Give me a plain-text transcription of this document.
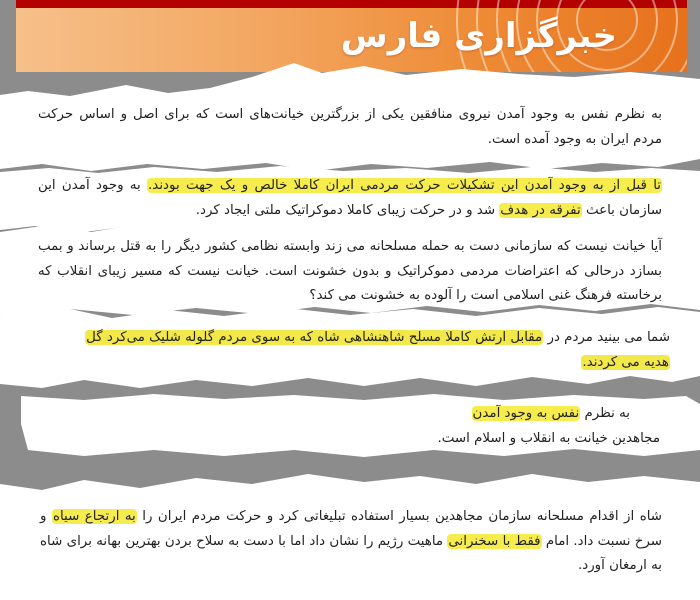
خبرگزاری فارس
به نظرم نفس به وجود آمدن نیروی منافقین یکی از بزرگترین خیانت‌های است که برای اصل و اساس حرکت مردم ایران به وجود آمده است.
تا قبل از به وجود آمدن این تشکیلات حرکت مردمی ایران کاملا خالص و یک جهت بودند. به وجود آمدن این سازمان باعث تفرقه در هدف شد و در حرکت زیبای کاملا دموکراتیک ملتی ایجاد کرد.
آیا خیانت نیست که سازمانی دست به حمله مسلحانه می زند وابسته نظامی کشور دیگر را به قتل برساند و بمب بسازد درحالی که اعتراضات مردمی دموکراتیک و بدون خشونت است. خیانت نیست که مسیر زیبای انقلاب که برخاسته فرهنگ غنی اسلامی است را آلوده به خشونت می کند؟
شما می بینید مردم در مقابل ارتش کاملا مسلح شاهنشاهی شاه که به سوی مردم گلوله شلیک می‌کرد گل
هدیه می کردند.
به نظرم نفس به وجود آمدن
مجاهدین خیانت به انقلاب و اسلام است.
شاه از اقدام مسلحانه سازمان مجاهدین بسیار استفاده تبلیغاتی کرد و حرکت مردم ایران را به ارتجاع سیاه و سرخ نسبت داد. امام فقط با سخنرانی ماهیت رژیم را نشان داد اما با دست به سلاح بردن بهترین بهانه برای شاه به ارمغان آورد.
